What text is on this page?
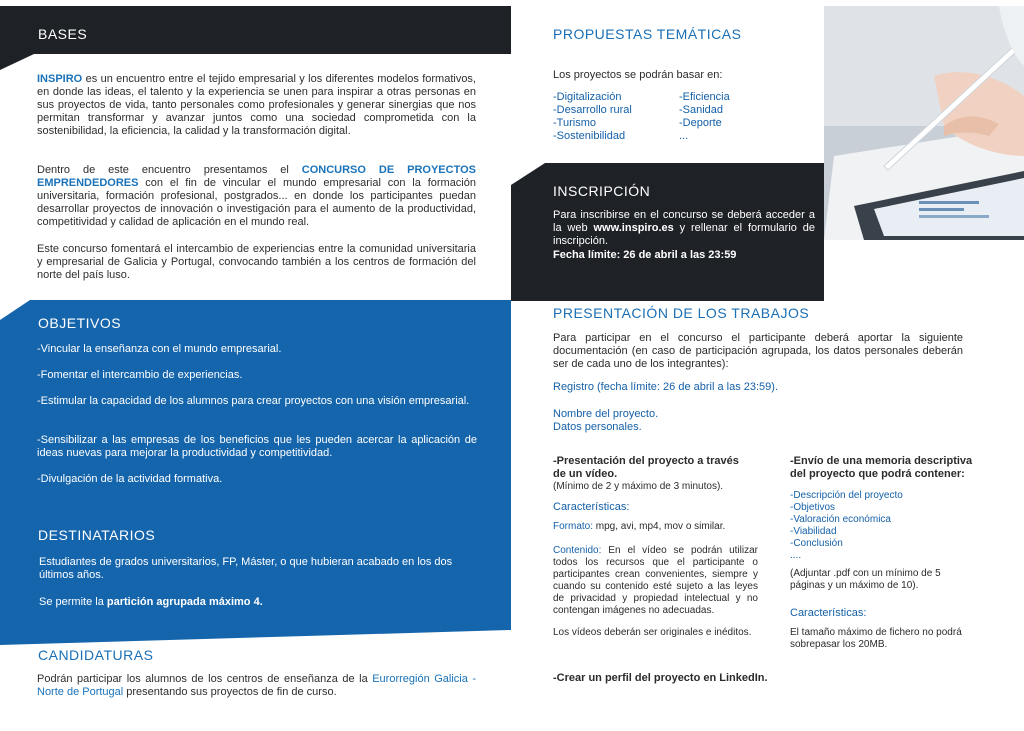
BASES
INSPIRO es un encuentro entre el tejido empresarial y los diferentes modelos formativos, en donde las ideas, el talento y la experiencia se unen para inspirar a otras personas en sus proyectos de vida, tanto personales como profesionales y generar sinergias que nos permitan transformar y avanzar juntos como una sociedad comprometida con la sostenibilidad, la eficiencia, la calidad y la transformación digital.
Dentro de este encuentro presentamos el CONCURSO DE PROYECTOS EMPRENDEDORES con el fin de vincular el mundo empresarial con la formación universitaria, formación profesional, postgrados... en donde los participantes puedan desarrollar proyectos de innovación o investigación para el aumento de la productividad, competitividad y calidad de aplicación en el mundo real.
Este concurso fomentará el intercambio de experiencias entre la comunidad universitaria y empresarial de Galicia y Portugal, convocando también a los centros de formación del norte del país luso.
OBJETIVOS
-Vincular la enseñanza con el mundo empresarial.
-Fomentar el intercambio de experiencias.
-Estimular la capacidad de los alumnos para crear proyectos con una visión empresarial.
-Sensibilizar a las empresas de los beneficios que les pueden acercar la aplicación de ideas nuevas para mejorar la productividad y competitividad.
-Divulgación de la actividad formativa.
DESTINATARIOS
Estudiantes de grados universitarios, FP, Máster, o que hubieran acabado en los dos últimos años.
Se permite la partición agrupada máximo 4.
CANDIDATURAS
Podrán participar los alumnos de los centros de enseñanza de la Eurorregión Galicia - Norte de Portugal presentando sus proyectos de fin de curso.
PROPUESTAS TEMÁTICAS
Los proyectos se podrán basar en:
-Digitalización
-Desarrollo rural
-Turismo
-Sostenibilidad
-Eficiencia
-Sanidad
-Deporte
...
INSCRIPCIÓN
Para inscribirse en el concurso se deberá acceder a la web www.inspiro.es y rellenar el formulario de inscripción.
Fecha límite: 26 de abril a las 23:59
PRESENTACIÓN DE LOS TRABAJOS
Para participar en el concurso el participante deberá aportar la siguiente documentación (en caso de participación agrupada, los datos personales deberán ser de cada uno de los integrantes):
Registro (fecha límite: 26 de abril a las 23:59).
Nombre del proyecto.
Datos personales.
-Presentación del proyecto a través de un vídeo.
(Mínimo de 2 y máximo de 3 minutos).
Características:
Formato: mpg, avi, mp4, mov o similar.
Contenido: En el vídeo se podrán utilizar todos los recursos que el participante o participantes crean convenientes, siempre y cuando su contenido esté sujeto a las leyes de privacidad y propiedad intelectual y no contengan imágenes no adecuadas.
Los vídeos deberán ser originales e inéditos.
-Envío de una memoria descriptiva del proyecto que podrá contener:
-Descripción del proyecto
-Objetivos
-Valoración económica
-Viabilidad
-Conclusión
....
(Adjuntar .pdf con un mínimo de 5 páginas y un máximo de 10).
Características:
El tamaño máximo de fichero no podrá sobrepasar los 20MB.
-Crear un perfil del proyecto en LinkedIn.
